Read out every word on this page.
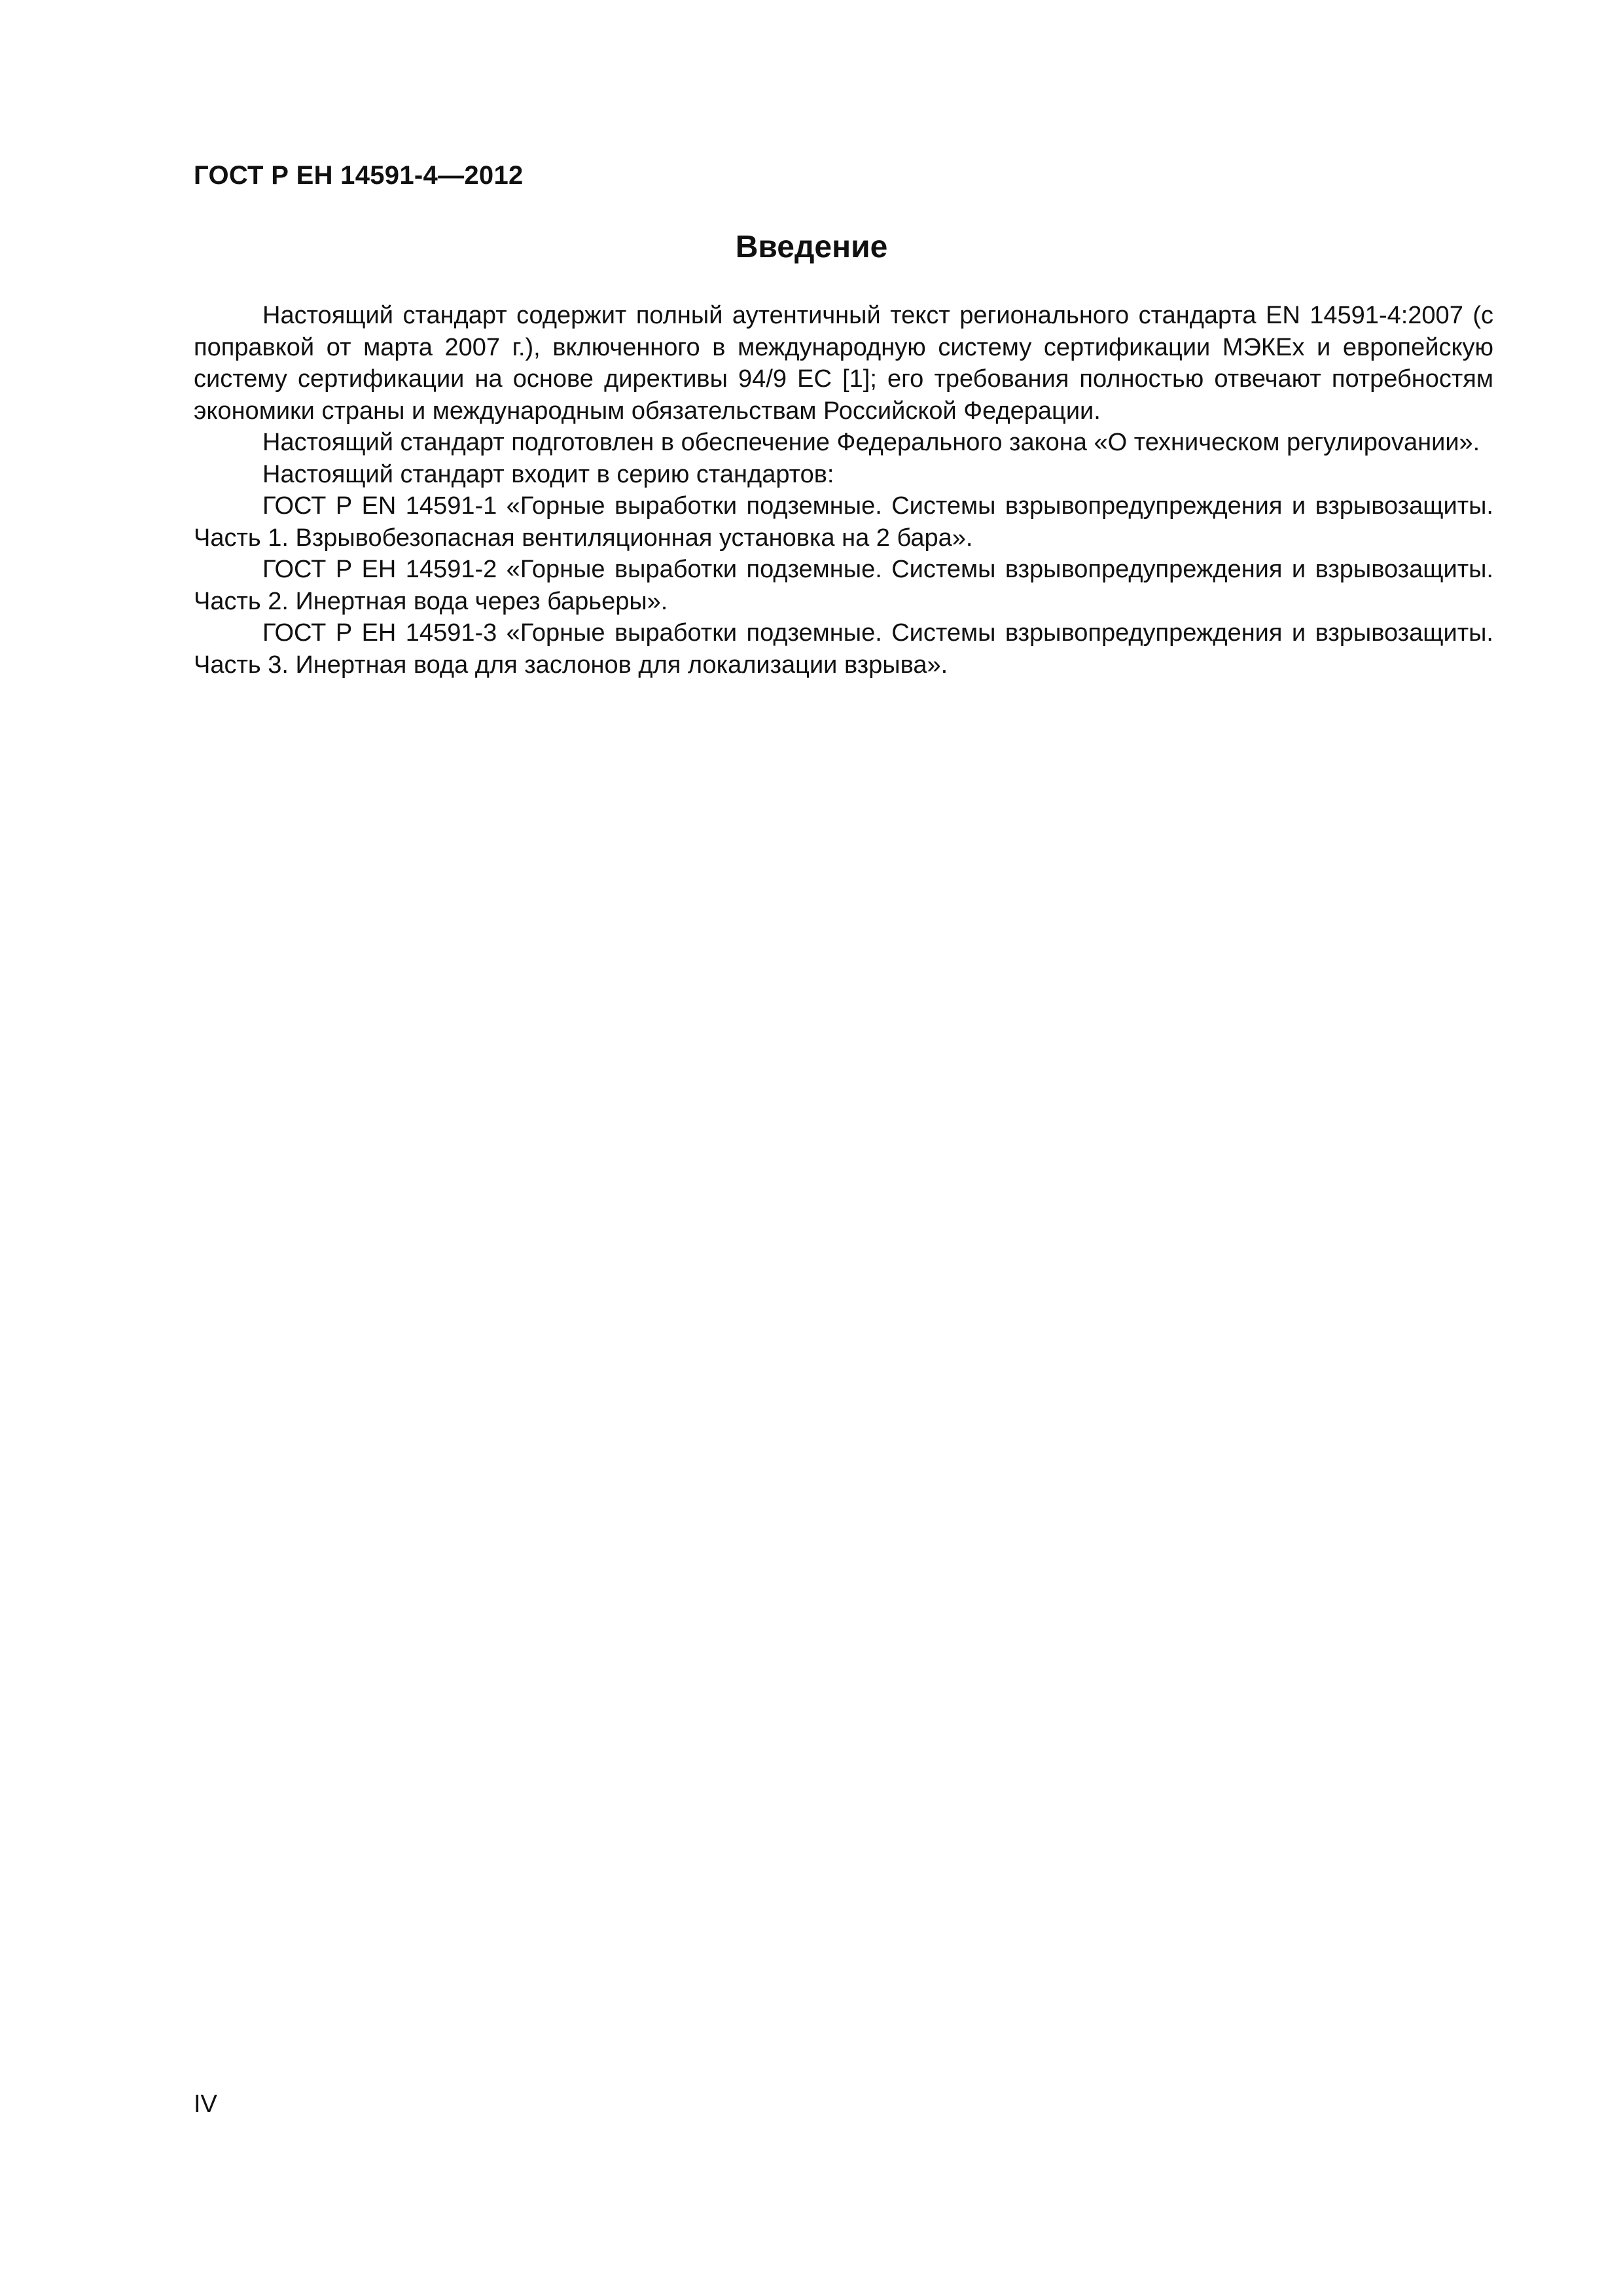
ГОСТ Р ЕН 14591-4—2012
Введение

Настоящий стандарт содержит полный аутентичный текст регионального стандарта EN 14591-4:2007 (с поправкой от марта 2007 г.), включенного в международную систему сертификации МЭКЕх и европейскую систему сертификации на основе директивы 94/9 ЕС [1]; его требования полностью отвечают потребностям экономики страны и международным обязательствам Российской Федерации.

Настоящий стандарт подготовлен в обеспечение Федерального закона «О техническом регулироvании».

Настоящий стандарт входит в серию стандартов:

ГОСТ Р EN 14591-1 «Горные выработки подземные. Системы взрывопредупреждения и взрывозащиты. Часть 1. Взрывобезопасная вентиляционная установка на 2 бара».

ГОСТ Р ЕН 14591-2 «Горные выработки подземные. Системы взрывопредупреждения и взрывозащиты. Часть 2. Инертная вода через барьеры».

ГОСТ Р ЕН 14591-3 «Горные выработки подземные. Системы взрывопредупреждения и взрывозащиты. Часть 3. Инертная вода для заслонов для локализации взрыва».

IV
